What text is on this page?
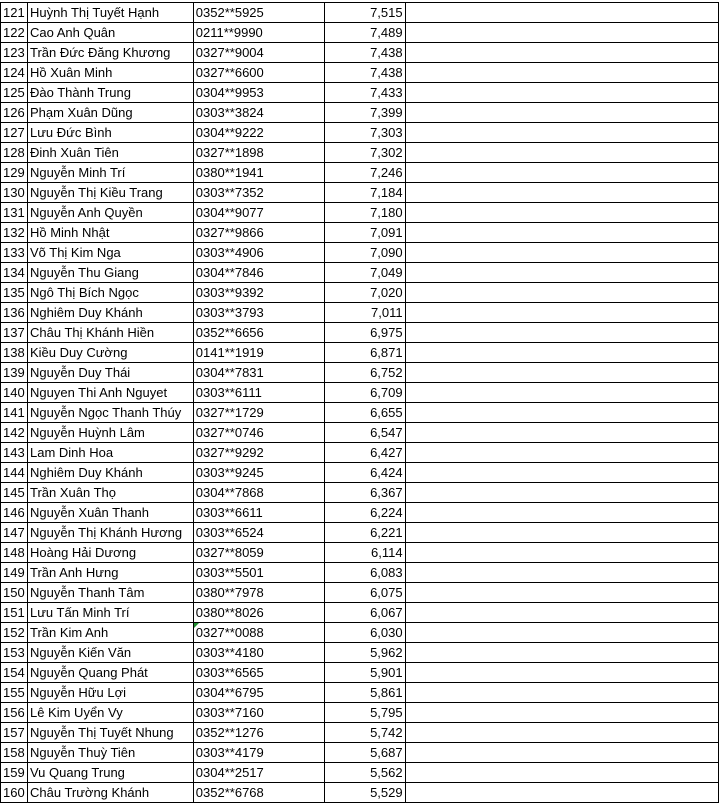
121	Huỳnh Thị Tuyết Hạnh	0352**5925	7,515	
122	Cao Anh Quân	0211**9990	7,489	
123	Trần Đức Đăng Khương	0327**9004	7,438	
124	Hồ Xuân Minh	0327**6600	7,438	
125	Đào Thành Trung	0304**9953	7,433	
126	Phạm Xuân Dũng	0303**3824	7,399	
127	Lưu Đức Bình	0304**9222	7,303	
128	Đinh Xuân Tiên	0327**1898	7,302	
129	Nguyễn Minh Trí	0380**1941	7,246	
130	Nguyễn Thị Kiều Trang	0303**7352	7,184	
131	Nguyễn Anh Quyền	0304**9077	7,180	
132	Hồ Minh Nhật	0327**9866	7,091	
133	Võ Thị Kim Nga	0303**4906	7,090	
134	Nguyễn Thu Giang	0304**7846	7,049	
135	Ngô Thị Bích Ngọc	0303**9392	7,020	
136	Nghiêm Duy Khánh	0303**3793	7,011	
137	Châu Thị Khánh Hiền	0352**6656	6,975	
138	Kiều Duy Cường	0141**1919	6,871	
139	Nguyễn Duy Thái	0304**7831	6,752	
140	Nguyen Thi Anh Nguyet	0303**6111	6,709	
141	Nguyễn Ngọc Thanh Thúy	0327**1729	6,655	
142	Nguyễn Huỳnh Lâm	0327**0746	6,547	
143	Lam Dinh Hoa	0327**9292	6,427	
144	Nghiêm Duy Khánh	0303**9245	6,424	
145	Trần Xuân Thọ	0304**7868	6,367	
146	Nguyễn Xuân Thanh	0303**6611	6,224	
147	Nguyễn Thị Khánh Hương	0303**6524	6,221	
148	Hoàng Hải Dương	0327**8059	6,114	
149	Trần Anh Hưng	0303**5501	6,083	
150	Nguyễn Thanh Tâm	0380**7978	6,075	
151	Lưu Tấn Minh Trí	0380**8026	6,067	
152	Trần Kim Anh	0327**0088	6,030	
153	Nguyễn Kiến Văn	0303**4180	5,962	
154	Nguyễn Quang Phát	0303**6565	5,901	
155	Nguyễn Hữu Lợi	0304**6795	5,861	
156	Lê Kim Uyển Vy	0303**7160	5,795	
157	Nguyễn Thị Tuyết Nhung	0352**1276	5,742	
158	Nguyễn Thuỳ Tiên	0303**4179	5,687	
159	Vu Quang Trung	0304**2517	5,562	
160	Châu Trường Khánh	0352**6768	5,529	
